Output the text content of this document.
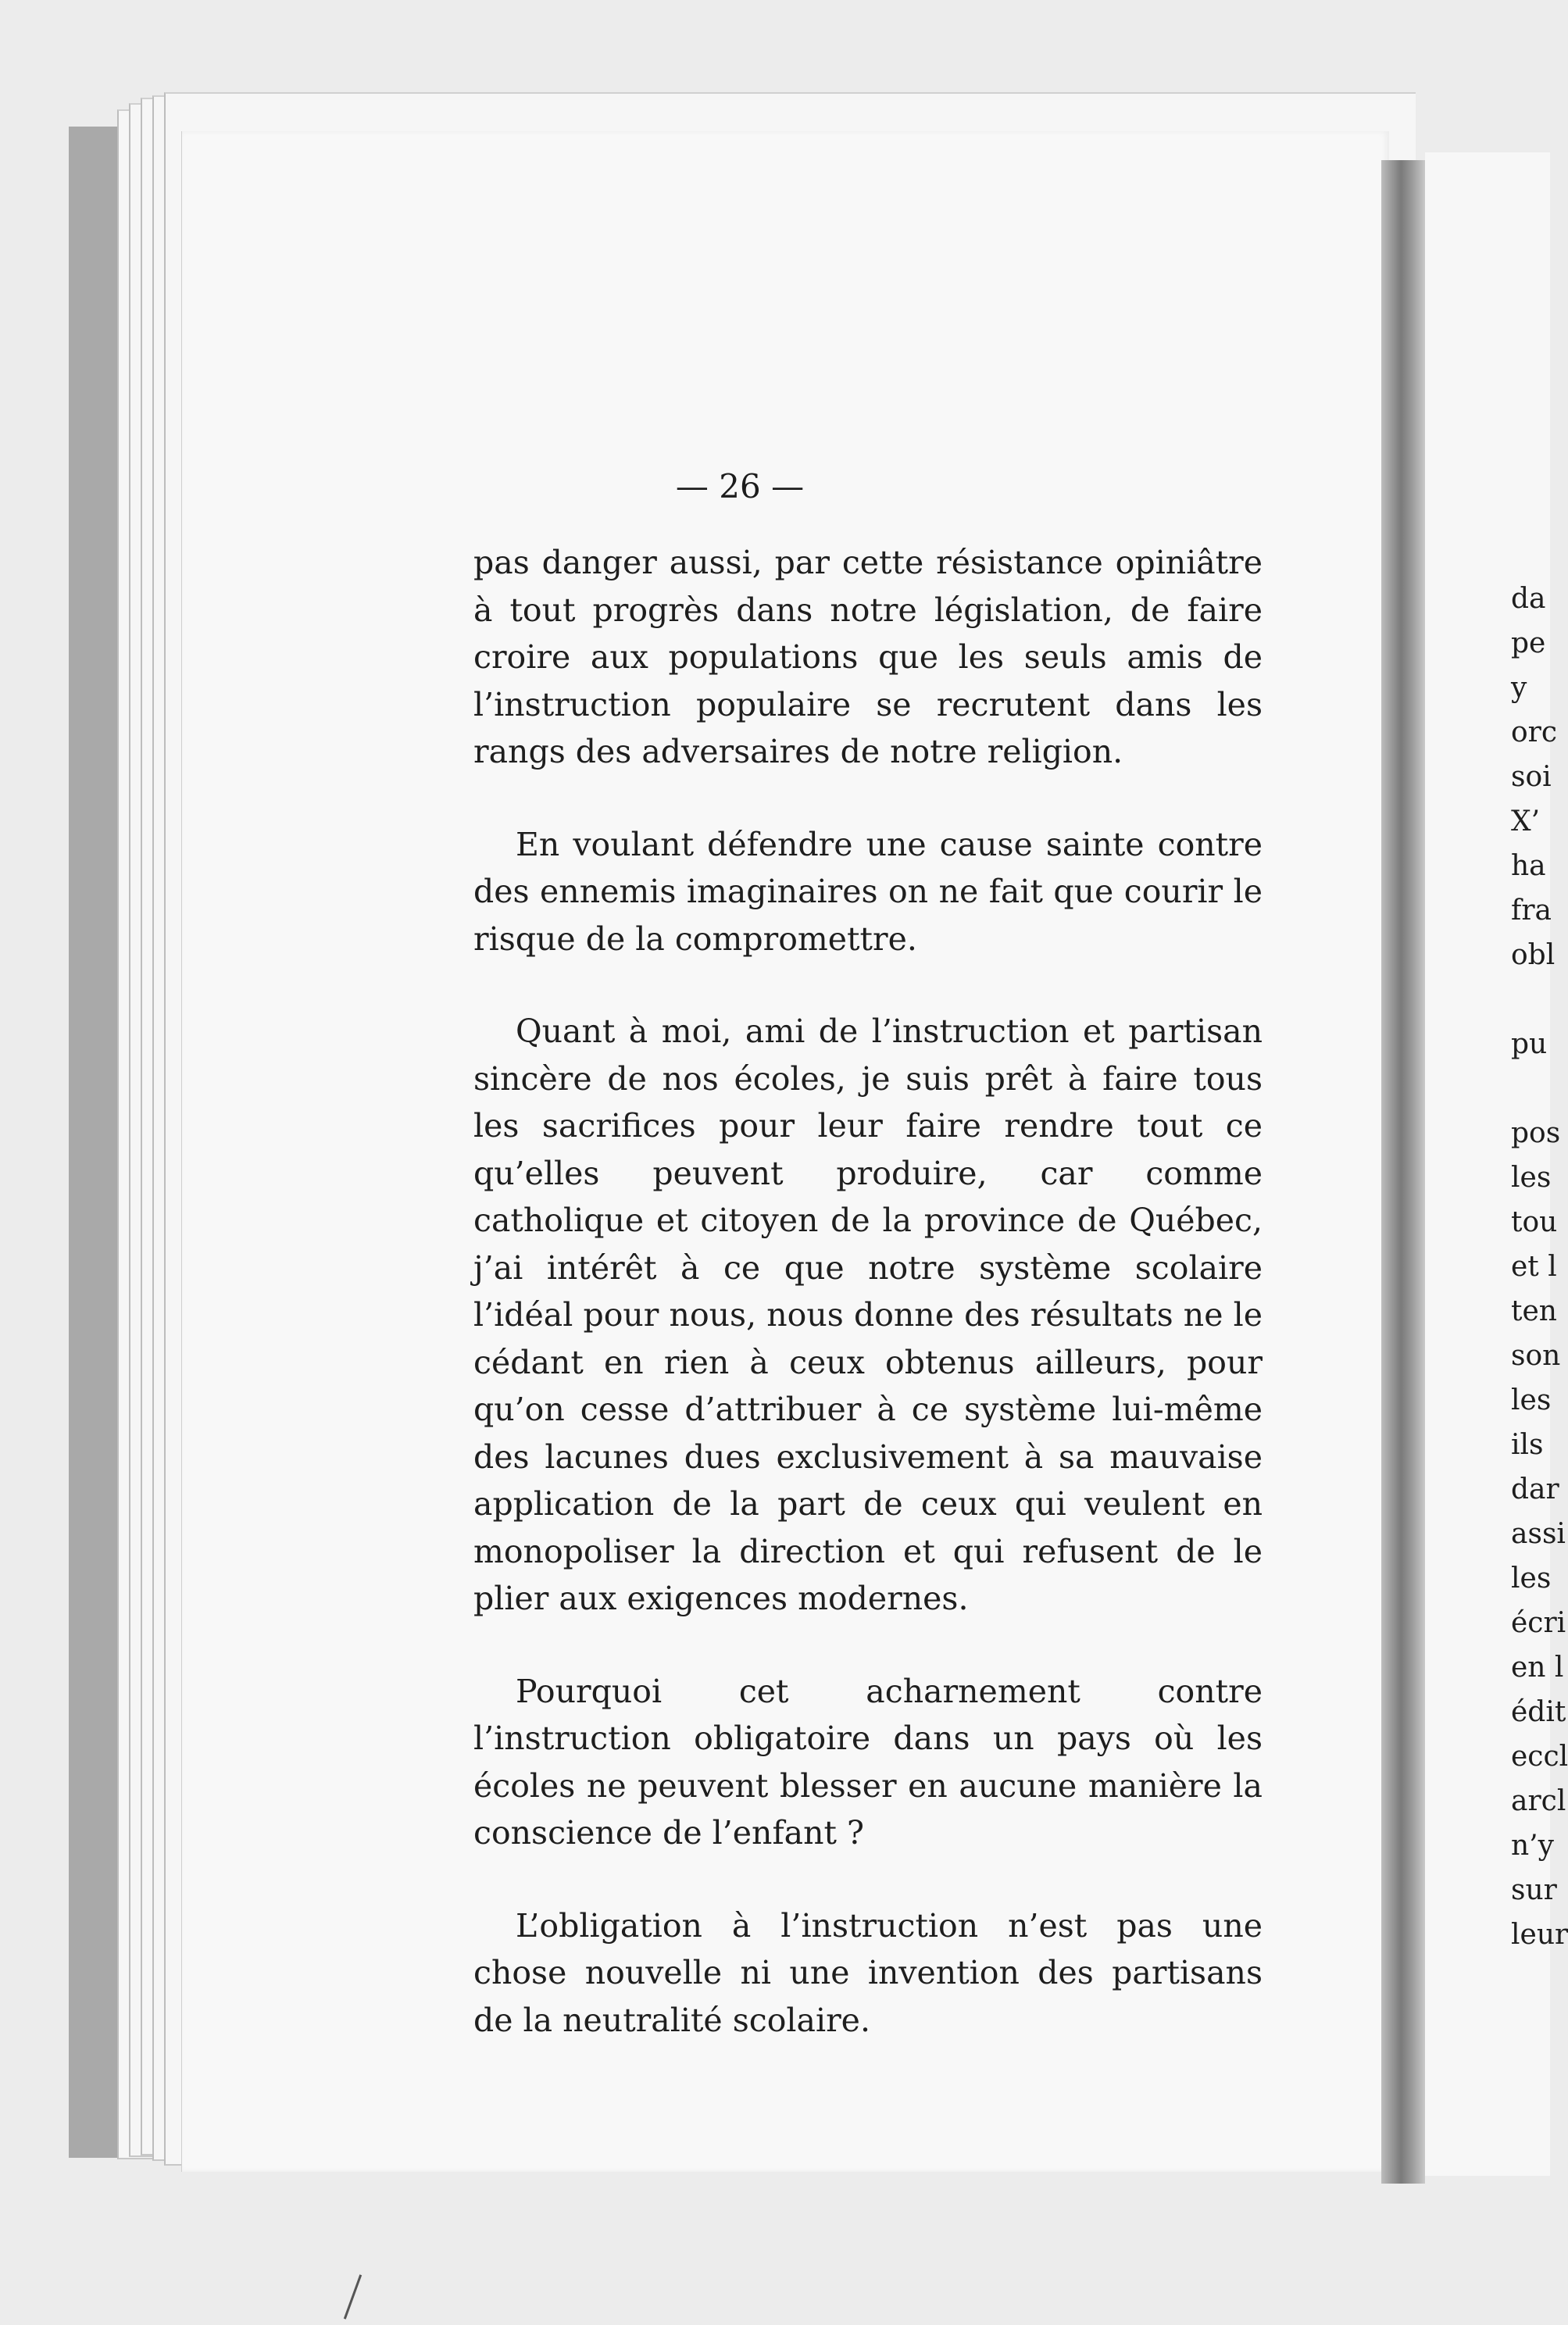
— 26 —

pas danger aussi, par cette résistance opiniâtre à tout progrès dans notre législation, de faire croire aux populations que les seuls amis de l’instruction populaire se recrutent dans les rangs des adversaires de notre religion.

En voulant défendre une cause sainte contre des ennemis imaginaires on ne fait que courir le risque de la compromettre.

Quant à moi, ami de l’instruction et partisan sincère de nos écoles, je suis prêt à faire tous les sacrifices pour leur faire rendre tout ce qu’elles peuvent produire, car comme catholique et citoyen de la province de Québec, j’ai intérêt à ce que notre système scolaire l’idéal pour nous, nous donne des résultats ne le cédant en rien à ceux obtenus ailleurs, pour qu’on cesse d’attribuer à ce système lui-même des lacunes dues exclusivement à sa mauvaise application de la part de ceux qui veulent en monopoliser la direction et qui refusent de le plier aux exigences modernes.

Pourquoi cet acharnement contre l’instruction obligatoire dans un pays où les écoles ne peuvent blesser en aucune manière la conscience de l’enfant ?

L’obligation à l’instruction n’est pas une chose nouvelle ni une invention des partisans de la neutralité scolaire.

da
pe
y
orc
soi
X’
ha
fra
obl
pu
pos
les
tou
et l
ten
son
les
ils
dar
assi
les
écri
en l
édit
eccl
arcl
n’y
sur
leur
